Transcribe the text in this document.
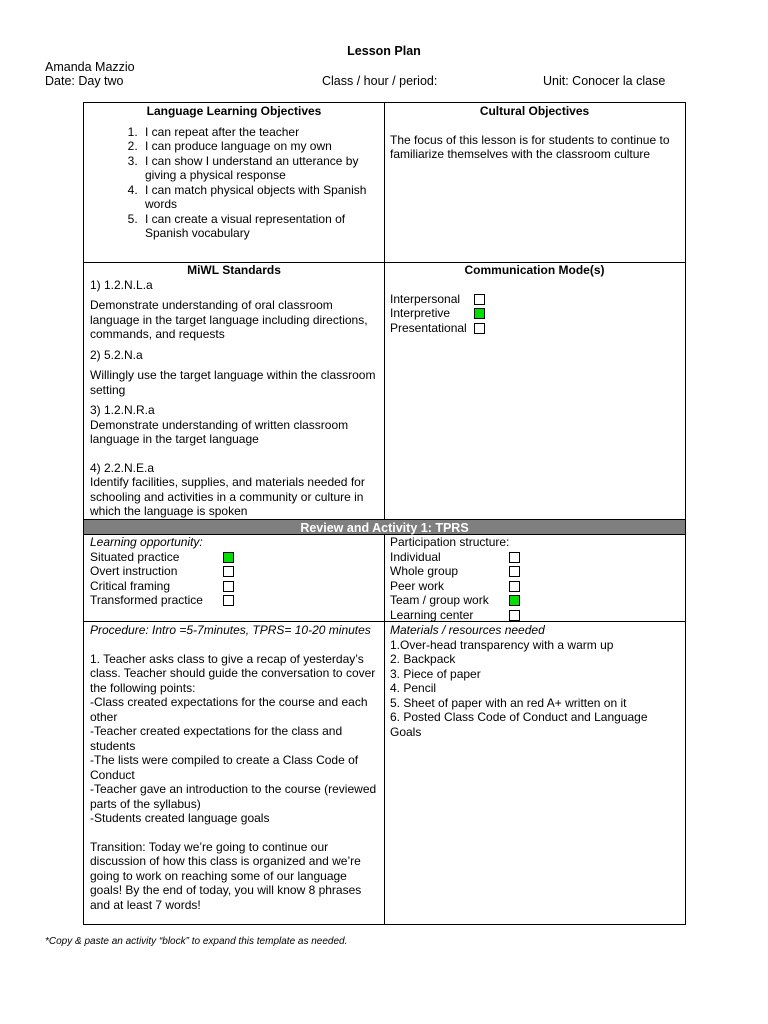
Lesson Plan
Amanda Mazzio
Date: Day two	Class / hour / period:	Unit: Conocer la clase
Language Learning Objectives
1. I can repeat after the teacher
2. I can produce language on my own
3. I can show I understand an utterance by giving a physical response
4. I can match physical objects with Spanish words
5. I can create a visual representation of Spanish vocabulary
Cultural Objectives

The focus of this lesson is for students to continue to familiarize themselves with the classroom culture

MiWL Standards

1) 1.2.N.L.a

Demonstrate understanding of oral classroom language in the target language including directions, commands, and requests

2) 5.2.N.a

Willingly use the target language within the classroom setting

3) 1.2.N.R.a

Demonstrate understanding of written classroom language in the target language

4) 2.2.N.E.a

Identify facilities, supplies, and materials needed for schooling and activities in a community or culture in which the language is spoken

Communication Mode(s)
Interpersonal
Interpretive
Presentational
Review and Activity 1: TPRS
Learning opportunity:
Situated practice
Overt instruction
Critical framing
Transformed practice
Participation structure:
Individual
Whole group
Peer work
Team / group work
Learning center

Procedure: Intro =5-7minutes, TPRS= 10-20 minutes

1. Teacher asks class to give a recap of yesterday’s class. Teacher should guide the conversation to cover the following points:

-Class created expectations for the course and each other

-Teacher created expectations for the class and students

-The lists were compiled to create a Class Code of Conduct

-Teacher gave an introduction to the course (reviewed parts of the syllabus)

-Students created language goals

Transition: Today we’re going to continue our discussion of how this class is organized and we’re going to work on reaching some of our language goals! By the end of today, you will know 8 phrases and at least 7 words!

Materials / resources needed

1.Over-head transparency with a warm up

2. Backpack

3. Piece of paper

4. Pencil

5. Sheet of paper with an red A+ written on it

6. Posted Class Code of Conduct and Language Goals

*Copy & paste an activity “block” to expand this template as needed.
